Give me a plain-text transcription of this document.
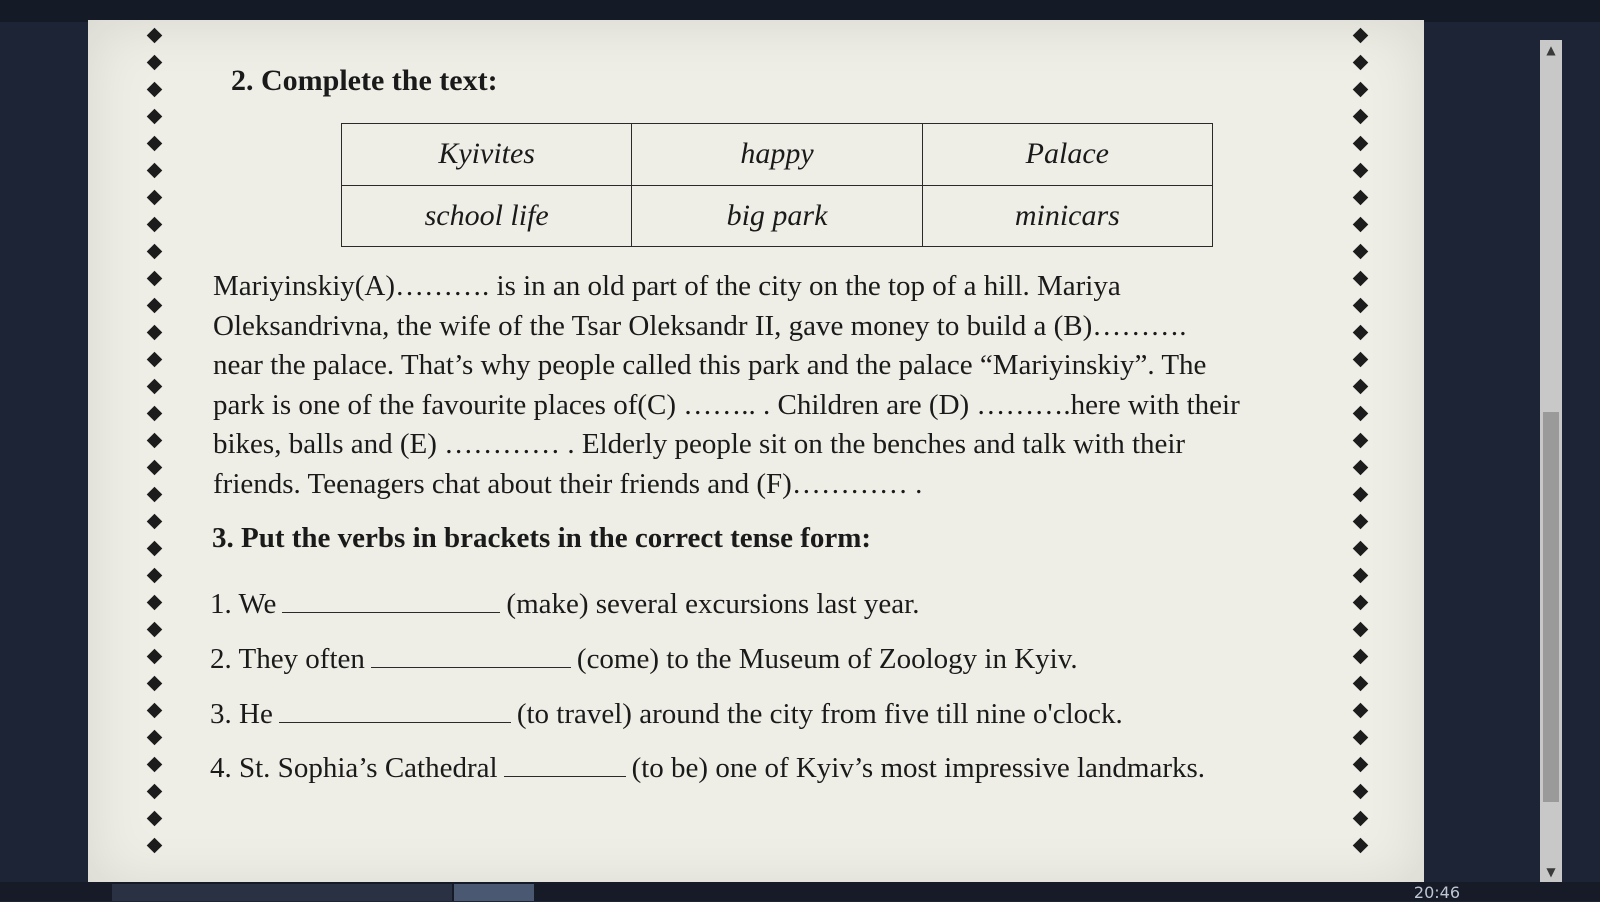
2. Complete the text:
Kyivites	happy	Palace
school life	big park	minicars

Mariyinskiy(A)………. is in an old part of the city on the top of a hill. Mariya

Oleksandrivna, the wife of the Tsar Oleksandr II, gave money to build a (B)……….

near the palace. That’s why people called this park and the palace “Mariyinskiy”. The

park is one of the favourite places of(C) …….. . Children are (D) ……….here with their

bikes, balls and (E) ………… . Elderly people sit on the benches and talk with their

friends. Teenagers chat about their friends and (F)………… .

3. Put the verbs in brackets in the correct tense form:
1. We	(make) several excursions last year.
2. They often	(come) to the Museum of Zoology in Kyiv.
3. He	(to travel) around the city from five till nine o'clock.
4. St. Sophia’s Cathedral	(to be) one of Kyiv’s most impressive landmarks.
▲
▼
20:46
